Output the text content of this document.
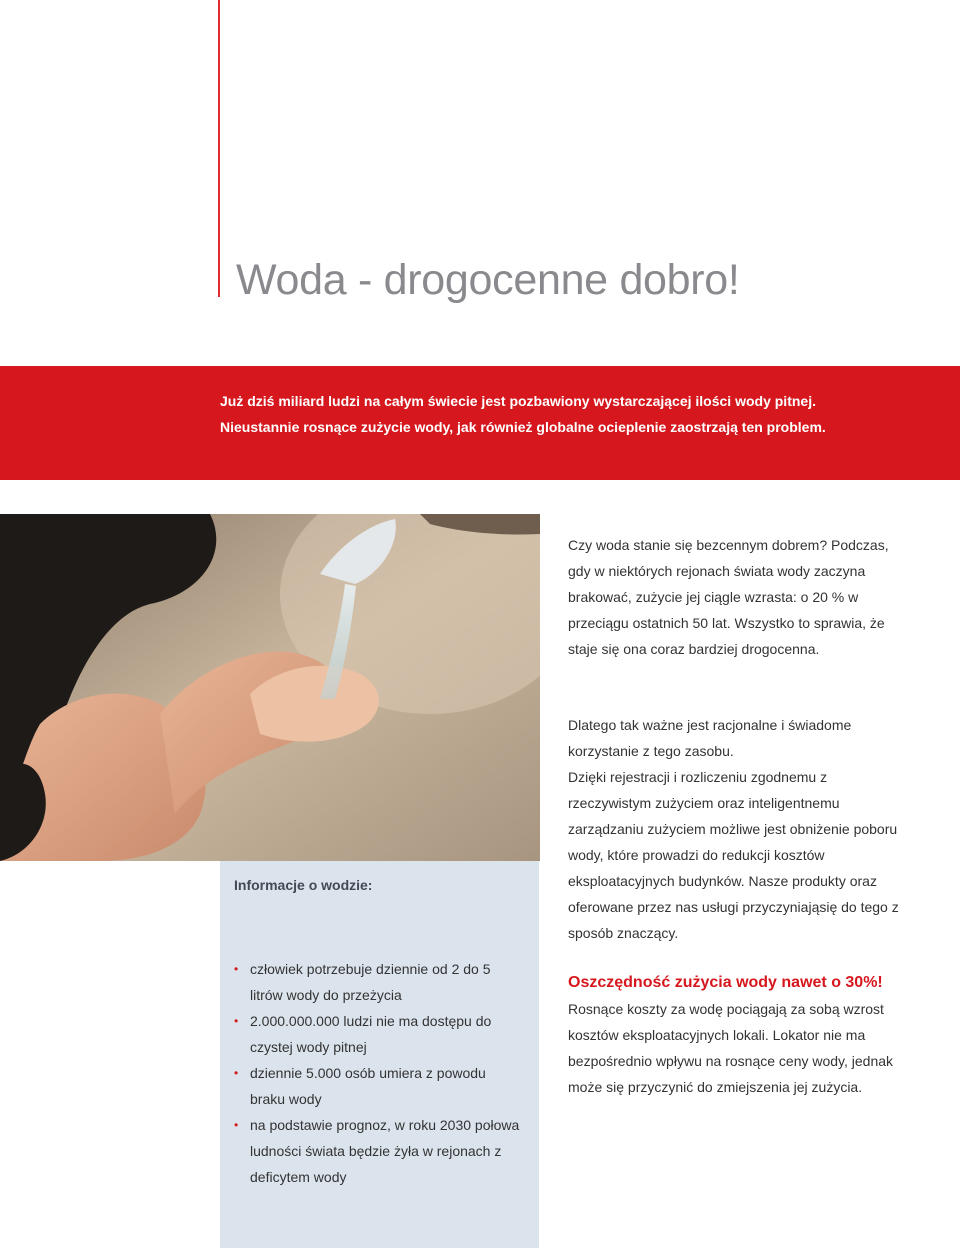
Woda - drogocenne dobro!

Już dziś miliard ludzi na całym świecie jest pozbawiony wystarczającej ilości wody pitnej.

Nieustannie rosnące zużycie wody, jak również globalne ocieplenie zaostrzają ten problem.

Informacje o wodzie:
• człowiek potrzebuje dziennie od 2 do 5 litrów wody do przeżycia
• 2.000.000.000 ludzi nie ma dostępu do czystej wody pitnej
• dziennie 5.000 osób umiera z powodu braku wody
• na podstawie prognoz, w roku 2030 połowa ludności świata będzie żyła w rejonach z deficytem wody

Czy woda stanie się bezcennym dobrem? Podczas, gdy w niektórych rejonach świata wody zaczyna brakować, zużycie jej ciągle wzrasta: o 20 % w przeciągu ostatnich 50 lat. Wszystko to sprawia, że staje się ona coraz bardziej drogocenna.

Dlatego tak ważne jest racjonalne i świadome korzystanie z tego zasobu.

Dzięki rejestracji i rozliczeniu zgodnemu z rzeczywistym zużyciem oraz inteligentnemu zarządzaniu zużyciem możliwe jest obniżenie poboru wody, które prowadzi do redukcji kosztów eksploatacyjnych budynków. Nasze produkty oraz oferowane przez nas usługi przyczyniająsię do tego z sposób znaczący.

Oszczędność zużycia wody nawet o 30%!

Rosnące koszty za wodę pociągają za sobą wzrost kosztów eksploatacyjnych lokali. Lokator nie ma bezpośrednio wpływu na rosnące ceny wody, jednak może się przyczynić do zmiejszenia jej zużycia.
